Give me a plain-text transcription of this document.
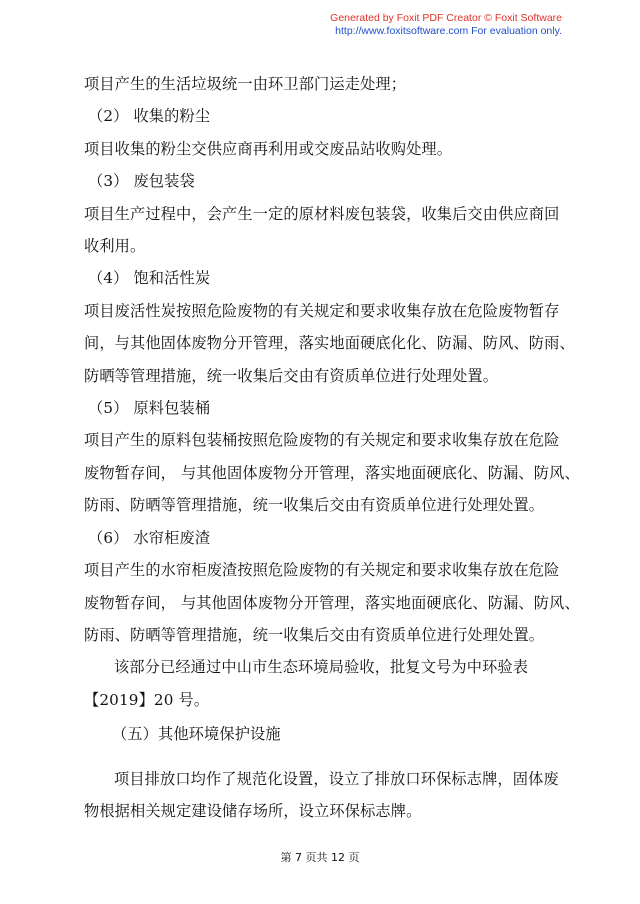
Generated by Foxit PDF Creator © Foxit Software
http://www.foxitsoftware.com For evaluation only.
项目产生的生活垃圾统一由环卫部门运走处理；
（2） 收集的粉尘
项目收集的粉尘交供应商再利用或交废品站收购处理。
（3） 废包装袋
项目生产过程中，会产生一定的原材料废包装袋，收集后交由供应商回
收利用。
（4） 饱和活性炭
项目废活性炭按照危险废物的有关规定和要求收集存放在危险废物暂存
间，与其他固体废物分开管理，落实地面硬底化化、防漏、防风、防雨、
防晒等管理措施，统一收集后交由有资质单位进行处理处置。
（5） 原料包装桶
项目产生的原料包装桶按照危险废物的有关规定和要求收集存放在危险
废物暂存间， 与其他固体废物分开管理，落实地面硬底化、防漏、防风、
防雨、防晒等管理措施，统一收集后交由有资质单位进行处理处置。
（6） 水帘柜废渣
项目产生的水帘柜废渣按照危险废物的有关规定和要求收集存放在危险
废物暂存间， 与其他固体废物分开管理，落实地面硬底化、防漏、防风、
防雨、防晒等管理措施，统一收集后交由有资质单位进行处理处置。
该部分已经通过中山市生态环境局验收，批复文号为中环验表
【2019】20 号。
（五）其他环境保护设施
项目排放口均作了规范化设置，设立了排放口环保标志牌，固体废
物根据相关规定建设储存场所，设立环保标志牌。
第 7 页共 12 页
